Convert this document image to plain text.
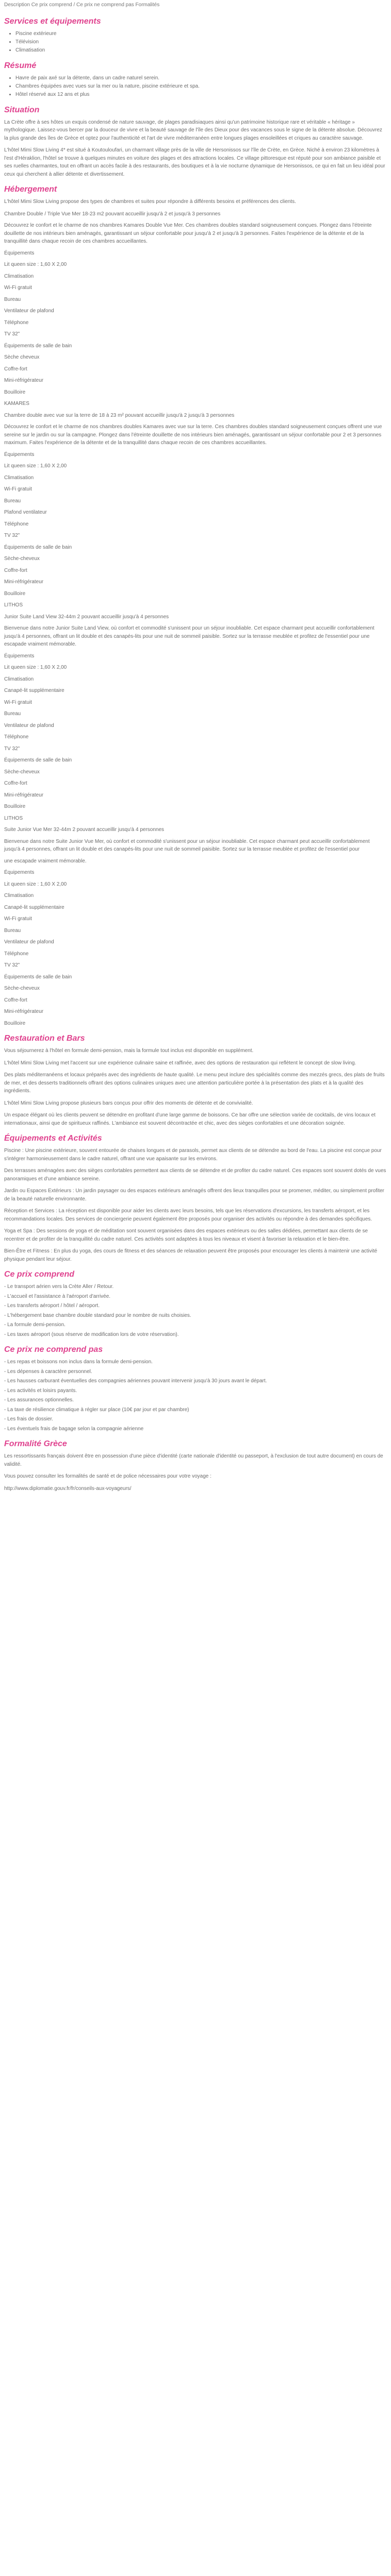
Description Ce prix comprend / Ce prix ne comprend pas Formalités

Services et équipements
• Piscine extérieure
• Télévision
• Climatisation
Résumé
• Havre de paix axé sur la détente, dans un cadre naturel serein.
• Chambres équipées avec vues sur la mer ou la nature, piscine extérieure et spa.
• Hôtel réservé aux 12 ans et plus
Situation

La Crète offre à ses hôtes un exquis condensé de nature sauvage, de plages paradisiaques ainsi qu'un patrimoine historique rare et véritable « héritage » mythologique. Laissez-vous bercer par la douceur de vivre et la beauté sauvage de l'île des Dieux pour des vacances sous le signe de la détente absolue. Découvrez la plus grande des îles de Grèce et optez pour l'authenticité et l'art de vivre méditerranéen entre longues plages ensoleillées et criques au caractère sauvage.

L'hôtel Mimi Slow Living 4* est situé à Koutouloufari, un charmant village près de la ville de Hersonissos sur l'île de Crète, en Grèce. Niché à environ 23 kilomètres à l'est d'Héraklion, l'hôtel se trouve à quelques minutes en voiture des plages et des attractions locales. Ce village pittoresque est réputé pour son ambiance paisible et ses ruelles charmantes, tout en offrant un accès facile à des restaurants, des boutiques et à la vie nocturne dynamique de Hersonissos, ce qui en fait un lieu idéal pour ceux qui cherchent à allier détente et divertissement.

Hébergement

L'hôtel Mimi Slow Living propose des types de chambres et suites pour répondre à différents besoins et préférences des clients.

Chambre Double / Triple Vue Mer 18-23 m2 pouvant accueillir jusqu'à 2 et jusqu'à 3 personnes

Découvrez le confort et le charme de nos chambres Kamares Double Vue Mer. Ces chambres doubles standard soigneusement conçues. Plongez dans l'étreinte douillette de nos intérieurs bien aménagés, garantissant un séjour confortable pour jusqu'à 2 et jusqu'à 3 personnes. Faites l'expérience de la détente et de la tranquillité dans chaque recoin de ces chambres accueillantes.

Équipements

Lit queen size : 1,60 X 2,00

Climatisation

Wi-Fi gratuit

Bureau

Ventilateur de plafond

Téléphone

TV 32"

Équipements de salle de bain

Sèche cheveux

Coffre-fort

Mini-réfrigérateur

Bouilloire

KAMARES

Chambre double avec vue sur la terre de 18 à 23 m² pouvant accueillir jusqu'à 2 jusqu'à 3 personnes

Découvrez le confort et le charme de nos chambres doubles Kamares avec vue sur la terre. Ces chambres doubles standard soigneusement conçues offrent une vue sereine sur le jardin ou sur la campagne. Plongez dans l'étreinte douillette de nos intérieurs bien aménagés, garantissant un séjour confortable pour 2 et 3 personnes maximum. Faites l'expérience de la détente et de la tranquillité dans chaque recoin de ces chambres accueillantes.

Équipements

Lit queen size : 1,60 X 2,00

Climatisation

Wi-Fi gratuit

Bureau

Plafond ventilateur

Téléphone

TV 32"

Équipements de salle de bain

Sèche-cheveux

Coffre-fort

Mini-réfrigérateur

Bouilloire

LITHOS

Junior Suite Land View 32-44m 2 pouvant accueillir jusqu'à 4 personnes

Bienvenue dans notre Junior Suite Land View, où confort et commodité s'unissent pour un séjour inoubliable. Cet espace charmant peut accueillir confortablement jusqu'à 4 personnes, offrant un lit double et des canapés-lits pour une nuit de sommeil paisible. Sortez sur la terrasse meublée et profitez de l'essentiel pour une escapade vraiment mémorable.

Équipements

Lit queen size : 1,60 X 2,00

Climatisation

Canapé-lit supplémentaire

Wi-Fi gratuit

Bureau

Ventilateur de plafond

Téléphone

TV 32"

Équipements de salle de bain

Sèche-cheveux

Coffre-fort

Mini-réfrigérateur

Bouilloire

LITHOS

Suite Junior Vue Mer 32-44m 2 pouvant accueillir jusqu'à 4 personnes

Bienvenue dans notre Suite Junior Vue Mer, où confort et commodité s'unissent pour un séjour inoubliable. Cet espace charmant peut accueillir confortablement jusqu'à 4 personnes, offrant un lit double et des canapés-lits pour une nuit de sommeil paisible. Sortez sur la terrasse meublée et profitez de l'essentiel pour

une escapade vraiment mémorable.

Équipements

Lit queen size : 1,60 X 2,00

Climatisation

Canapé-lit supplémentaire

Wi-Fi gratuit

Bureau

Ventilateur de plafond

Téléphone

TV 32"

Équipements de salle de bain

Sèche-cheveux

Coffre-fort

Mini-réfrigérateur

Bouilloire

Restauration et Bars

Vous séjournerez à l'hôtel en formule demi-pension, mais la formule tout inclus est disponible en supplément.

L'hôtel Mimi Slow Living met l'accent sur une expérience culinaire saine et raffinée, avec des options de restauration qui reflètent le concept de slow living.

Des plats méditerranéens et locaux préparés avec des ingrédients de haute qualité. Le menu peut inclure des spécialités comme des mezzés grecs, des plats de fruits de mer, et des desserts traditionnels offrant des options culinaires uniques avec une attention particulière portée à la présentation des plats et à la qualité des ingrédients.

L'hôtel Mimi Slow Living propose plusieurs bars conçus pour offrir des moments de détente et de convivialité.

Un espace élégant où les clients peuvent se détendre en profitant d'une large gamme de boissons. Ce bar offre une sélection variée de cocktails, de vins locaux et internationaux, ainsi que de spiritueux raffinés. L'ambiance est souvent décontractée et chic, avec des sièges confortables et une décoration soignée.

Équipements et Activités

Piscine : Une piscine extérieure, souvent entourée de chaises longues et de parasols, permet aux clients de se détendre au bord de l'eau. La piscine est conçue pour s'intégrer harmonieusement dans le cadre naturel, offrant une vue apaisante sur les environs.

Des terrasses aménagées avec des sièges confortables permettent aux clients de se détendre et de profiter du cadre naturel. Ces espaces sont souvent dotés de vues panoramiques et d'une ambiance sereine.

Jardin ou Espaces Extérieurs : Un jardin paysager ou des espaces extérieurs aménagés offrent des lieux tranquilles pour se promener, méditer, ou simplement profiter de la beauté naturelle environnante.

Réception et Services : La réception est disponible pour aider les clients avec leurs besoins, tels que les réservations d'excursions, les transferts aéroport, et les recommandations locales. Des services de conciergerie peuvent également être proposés pour organiser des activités ou répondre à des demandes spécifiques.

Yoga et Spa : Des sessions de yoga et de méditation sont souvent organisées dans des espaces extérieurs ou des salles dédiées, permettant aux clients de se recentrer et de profiter de la tranquillité du cadre naturel. Ces activités sont adaptées à tous les niveaux et visent à favoriser la relaxation et le bien-être.

Bien-Être et Fitness : En plus du yoga, des cours de fitness et des séances de relaxation peuvent être proposés pour encourager les clients à maintenir une activité physique pendant leur séjour.

Ce prix comprend
- Le transport aérien vers la Crète Aller / Retour.
- L'accueil et l'assistance à l'aéroport d'arrivée.
- Les transferts aéroport / hôtel / aéroport.
- L'hébergement base chambre double standard pour le nombre de nuits choisies.
- La formule demi-pension.
- Les taxes aéroport (sous réserve de modification lors de votre réservation).
Ce prix ne comprend pas
- Les repas et boissons non inclus dans la formule demi-pension.
- Les dépenses à caractère personnel.
- Les hausses carburant éventuelles des compagnies aériennes pouvant intervenir jusqu'à 30 jours avant le départ.
- Les activités et loisirs payants.
- Les assurances optionnelles.
- La taxe de résilience climatique à régler sur place (10€ par jour et par chambre)
- Les frais de dossier.
- Les éventuels frais de bagage selon la compagnie aérienne
Formalité Grèce

Les ressortissants français doivent être en possession d'une pièce d'identité (carte nationale d'identité ou passeport, à l'exclusion de tout autre document) en cours de validité.

Vous pouvez consulter les formalités de santé et de police nécessaires pour votre voyage :

http://www.diplomatie.gouv.fr/fr/conseils-aux-voyageurs/
